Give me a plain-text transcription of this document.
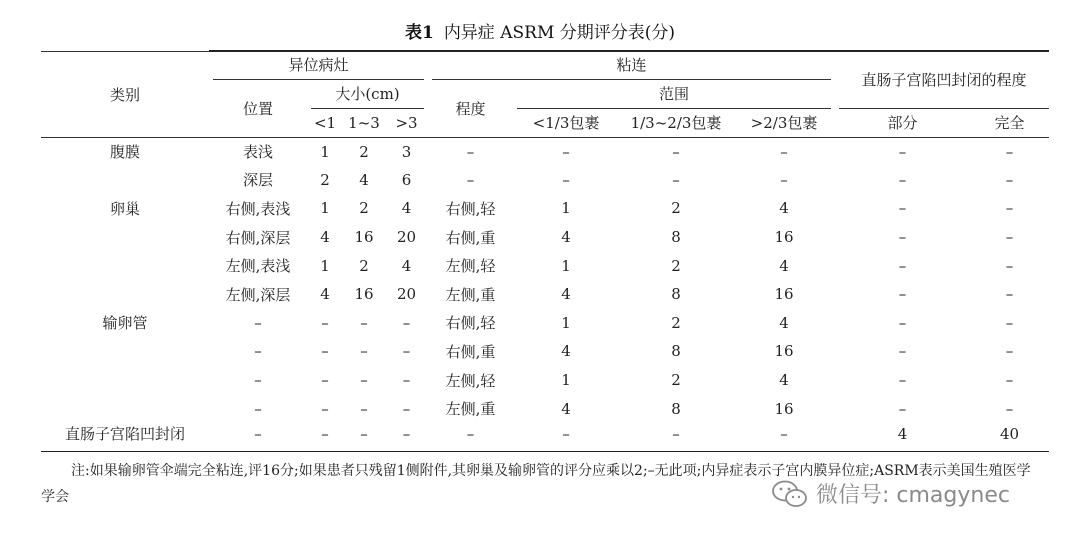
表1 内异症 ASRM 分期评分表(分)
类别	异位病灶				粘连				直肠子宫陷凹封闭的程度	

	位置	大小(cm)			程度	范围				

		<1	1~3	>3		<1/3包裹	1/3~2/3包裹	>2/3包裹	部分	完全
腹膜	表浅	1	2	3	–	–	–	–	–	–
	深层	2	4	6	–	–	–	–	–	–
卵巢	右侧,表浅	1	2	4	右侧,轻	1	2	4	–	–
	右侧,深层	4	16	20	右侧,重	4	8	16	–	–
	左侧,表浅	1	2	4	左侧,轻	1	2	4	–	–
	左侧,深层	4	16	20	左侧,重	4	8	16	–	–
输卵管	–	–	–	–	右侧,轻	1	2	4	–	–
	–	–	–	–	右侧,重	4	8	16	–	–
	–	–	–	–	左侧,轻	1	2	4	–	–
	–	–	–	–	左侧,重	4	8	16	–	–
直肠子宫陷凹封闭	–	–	–	–	–	–	–	–	4	40
注:如果输卵管伞端完全粘连,评16分;如果患者只残留1侧附件,其卵巢及输卵管的评分应乘以2;–无此项;内异症表示子宫内膜异位症;ASRM表示美国生殖医学学会	微信号: cmagynec
